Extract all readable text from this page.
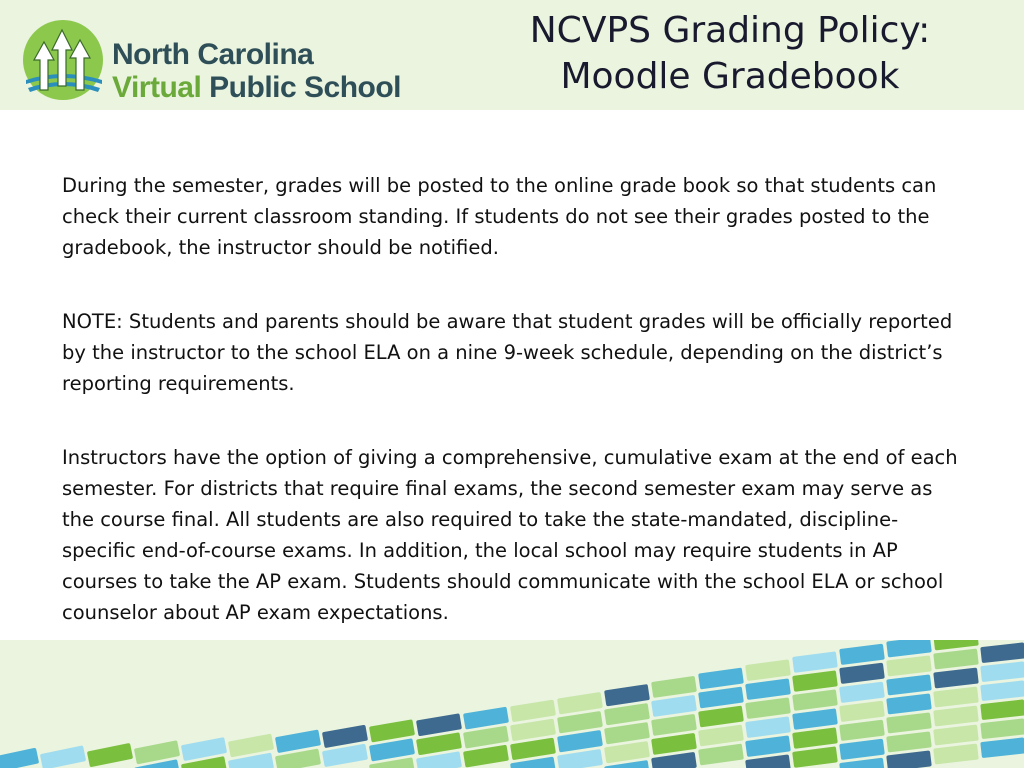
North Carolina
Virtual Public School
NCVPS Grading Policy:
Moodle Gradebook

During the semester, grades will be posted to the online grade book so that students can check their current classroom standing. If students do not see their grades posted to the gradebook, the instructor should be notified.

NOTE: Students and parents should be aware that student grades will be officially reported by the instructor to the school ELA on a nine 9-week schedule, depending on the district’s reporting requirements.

Instructors have the option of giving a comprehensive, cumulative exam at the end of each semester. For districts that require final exams, the second semester exam may serve as the course final. All students are also required to take the state-mandated, discipline-specific end-of-course exams. In addition, the local school may require students in AP courses to take the AP exam. Students should communicate with the school ELA or school counselor about AP exam expectations.
